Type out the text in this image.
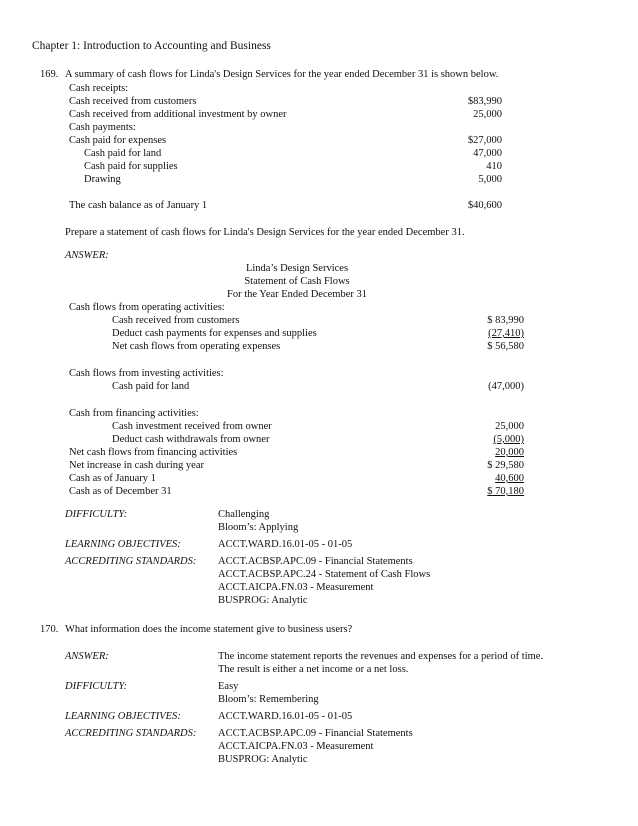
Chapter 1: Introduction to Accounting and Business
169. A summary of cash flows for Linda's Design Services for the year ended December 31 is shown below.
Cash receipts:
Cash received from customers	$83,990
Cash received from additional investment by owner	25,000
Cash payments:
Cash paid for expenses	$27,000
Cash paid for land	47,000
Cash paid for supplies	410
Drawing	5,000
The cash balance as of January 1	$40,600
Prepare a statement of cash flows for Linda's Design Services for the year ended December 31.
ANSWER:
Linda’s Design Services
Statement of Cash Flows
For the Year Ended December 31
Cash flows from operating activities:
Cash received from customers	$ 83,990
Deduct cash payments for expenses and supplies	(27,410)
Net cash flows from operating expenses	$ 56,580
Cash flows from investing activities:
Cash paid for land	(47,000)
Cash from financing activities:
Cash investment received from owner	25,000
Deduct cash withdrawals from owner	(5,000)
Net cash flows from financing activities	20,000
Net increase in cash during year	$ 29,580
Cash as of January 1	40,600
Cash as of December 31	$ 70,180
DIFFICULTY:	Challenging
Bloom’s: Applying
LEARNING OBJECTIVES:	ACCT.WARD.16.01-05 - 01-05
ACCREDITING STANDARDS: ACCT.ACBSP.APC.09 - Financial Statements
ACCT.ACBSP.APC.24 - Statement of Cash Flows
ACCT.AICPA.FN.03 - Measurement
BUSPROG: Analytic
170. What information does the income statement give to business users?
ANSWER:	The income statement reports the revenues and expenses for a period of time.
The result is either a net income or a net loss.
DIFFICULTY:	Easy
Bloom’s: Remembering
LEARNING OBJECTIVES:	ACCT.WARD.16.01-05 - 01-05
ACCREDITING STANDARDS: ACCT.ACBSP.APC.09 - Financial Statements
ACCT.AICPA.FN.03 - Measurement
BUSPROG: Analytic
